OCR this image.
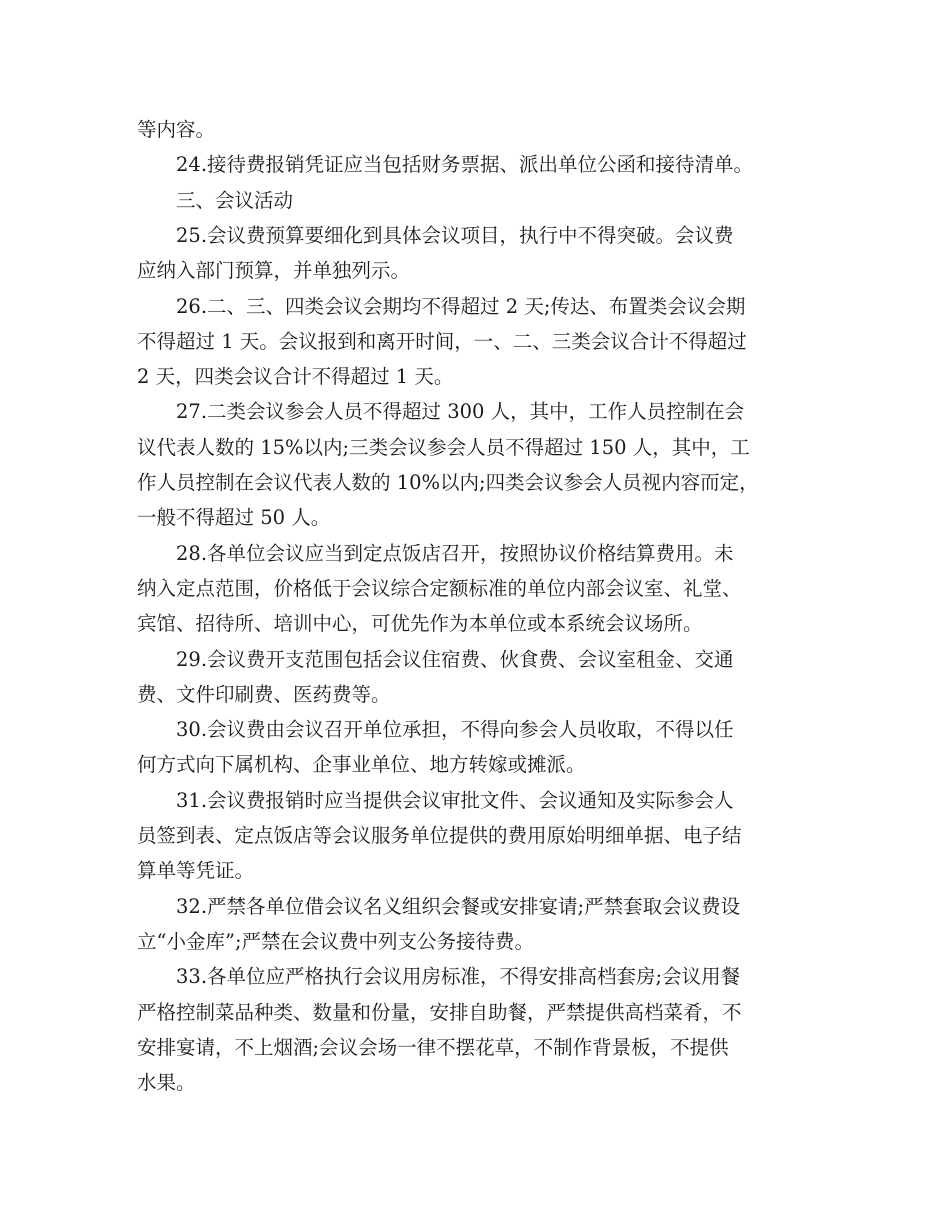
等内容。

24.接待费报销凭证应当包括财务票据、派出单位公函和接待清单。

三、会议活动

25.会议费预算要细化到具体会议项目，执行中不得突破。会议费

应纳入部门预算，并单独列示。

26.二、三、四类会议会期均不得超过 2 天;传达、布置类会议会期

不得超过 1 天。会议报到和离开时间，一、二、三类会议合计不得超过

2 天，四类会议合计不得超过 1 天。

27.二类会议参会人员不得超过 300 人，其中，工作人员控制在会

议代表人数的 15%以内;三类会议参会人员不得超过 150 人，其中，工

作人员控制在会议代表人数的 10%以内;四类会议参会人员视内容而定，

一般不得超过 50 人。

28.各单位会议应当到定点饭店召开，按照协议价格结算费用。未

纳入定点范围，价格低于会议综合定额标准的单位内部会议室、礼堂、

宾馆、招待所、培训中心，可优先作为本单位或本系统会议场所。

29.会议费开支范围包括会议住宿费、伙食费、会议室租金、交通

费、文件印刷费、医药费等。

30.会议费由会议召开单位承担，不得向参会人员收取，不得以任

何方式向下属机构、企事业单位、地方转嫁或摊派。

31.会议费报销时应当提供会议审批文件、会议通知及实际参会人

员签到表、定点饭店等会议服务单位提供的费用原始明细单据、电子结

算单等凭证。

32.严禁各单位借会议名义组织会餐或安排宴请;严禁套取会议费设

立“小金库”;严禁在会议费中列支公务接待费。

33.各单位应严格执行会议用房标准，不得安排高档套房;会议用餐

严格控制菜品种类、数量和份量，安排自助餐，严禁提供高档菜肴，不

安排宴请，不上烟酒;会议会场一律不摆花草，不制作背景板，不提供

水果。
